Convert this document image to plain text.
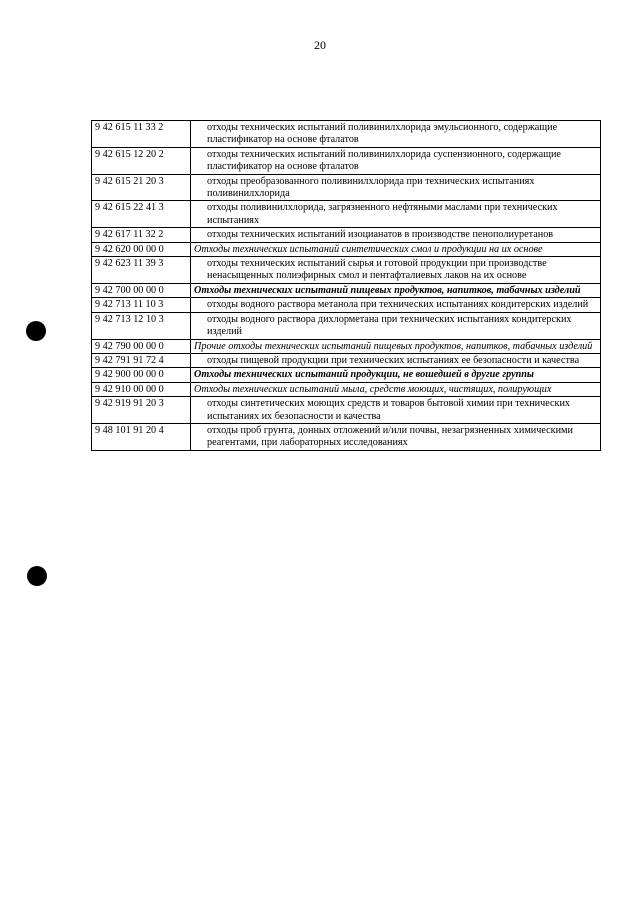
20
9 42 615 11 33 2	отходы технических испытаний поливинилхлорида эмульсионного, содержащие пластификатор на основе фталатов
9 42 615 12 20 2	отходы технических испытаний поливинилхлорида суспензионного, содержащие пластификатор на основе фталатов
9 42 615 21 20 3	отходы преобразованного поливинилхлорида при технических испытаниях поливинилхлорида
9 42 615 22 41 3	отходы поливинилхлорида, загрязненного нефтяными маслами при технических испытаниях
9 42 617 11 32 2	отходы технических испытаний изоцианатов в производстве пенополиуретанов
9 42 620 00 00 0	Отходы технических испытаний синтетических смол и продукции на их основе
9 42 623 11 39 3	отходы технических испытаний сырья и готовой продукции при производстве ненасыщенных полиэфирных смол и пентафталиевых лаков на их основе
9 42 700 00 00 0	Отходы технических испытаний пищевых продуктов, напитков, табачных изделий
9 42 713 11 10 3	отходы водного раствора метанола при технических испытаниях кондитерских изделий
9 42 713 12 10 3	отходы водного раствора дихлорметана при технических испытаниях кондитерских изделий
9 42 790 00 00 0	Прочие отходы технических испытаний пищевых продуктов, напитков, табачных изделий
9 42 791 91 72 4	отходы пищевой продукции при технических испытаниях ее безопасности и качества
9 42 900 00 00 0	Отходы технических испытаний продукции, не вошедшей в другие группы
9 42 910 00 00 0	Отходы технических испытаний мыла, средств моющих, чистящих, полирующих
9 42 919 91 20 3	отходы синтетических моющих средств и товаров бытовой химии при технических испытаниях их безопасности и качества
9 48 101 91 20 4	отходы проб грунта, донных отложений и/или почвы, незагрязненных химическими реагентами, при лабораторных исследованиях
